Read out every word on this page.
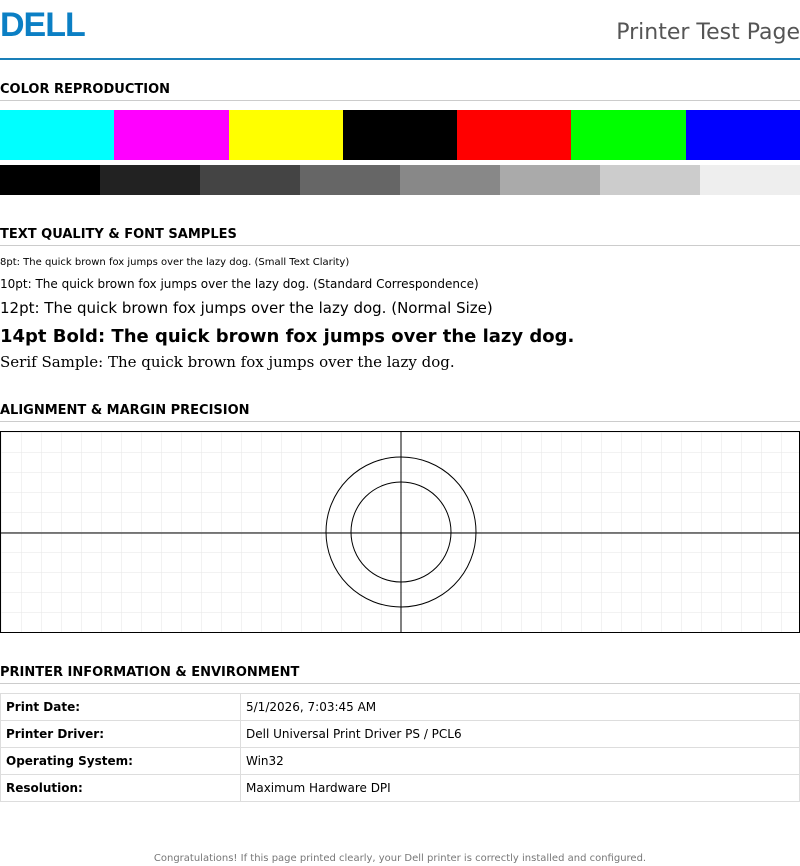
DELL	Printer Test Page
COLOR REPRODUCTION
TEXT QUALITY & FONT SAMPLES
8pt: The quick brown fox jumps over the lazy dog. (Small Text Clarity)
10pt: The quick brown fox jumps over the lazy dog. (Standard Correspondence)
12pt: The quick brown fox jumps over the lazy dog. (Normal Size)
14pt Bold: The quick brown fox jumps over the lazy dog.
Serif Sample: The quick brown fox jumps over the lazy dog.
ALIGNMENT & MARGIN PRECISION
PRINTER INFORMATION & ENVIRONMENT
Print Date:	5/1/2026, 7:03:45 AM
Printer Driver:	Dell Universal Print Driver PS / PCL6
Operating System:	Win32
Resolution:	Maximum Hardware DPI
Congratulations! If this page printed clearly, your Dell printer is correctly installed and configured.
